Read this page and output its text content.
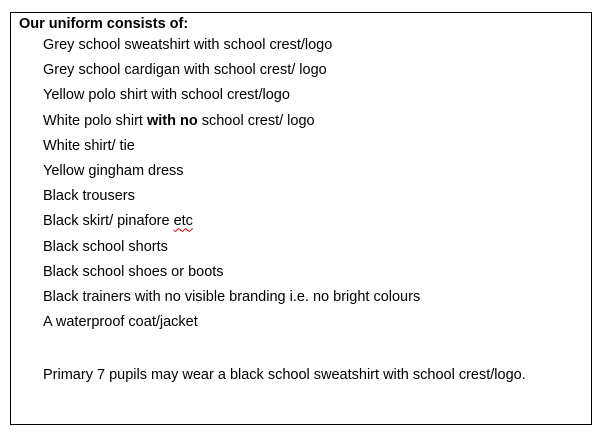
Our uniform consists of:
Grey school sweatshirt with school crest/logo
Grey school cardigan with school crest/ logo
Yellow polo shirt with school crest/logo
White polo shirt with no school crest/ logo
White shirt/ tie
Yellow gingham dress
Black trousers
Black skirt/ pinafore etc
Black school shorts
Black school shoes or boots
Black trainers with no visible branding i.e. no bright colours
A waterproof coat/jacket
Primary 7 pupils may wear a black school sweatshirt with school crest/logo.
